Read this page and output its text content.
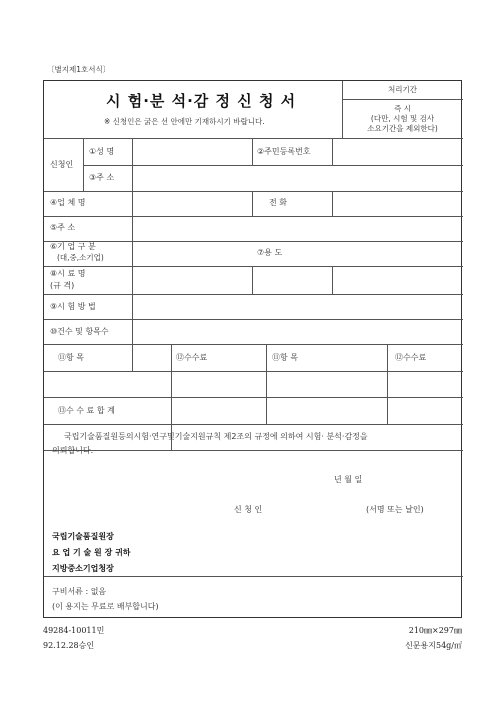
〔별지제1호서식〕
시 험·분 석·감 정 신 청 서
※ 신청인은 굵은 선 안에만 기재하시기 바랍니다.
처리기간
즉 시
(다만, 시험 및 검사
소요기간을 제외한다)
신청인
①성 명	②주민등록번호
③주 소
④업 체 명	전 화
⑤주 소
⑥기 업 구 분
(대,중,소기업)
⑦용 도
⑧시 료 명
(규 격)
⑨시 험 방 법
⑩건수 및 항목수
⑪항 목	⑫수수료	⑪항 목	⑫수수료
⑬수 수 료 합 계
국립기술품질원등의시험·연구및기술지원규칙 제2조의 규정에 의하여 시험· 분석·감정을
의뢰합니다.
년 월 일
신 청 인	(서명 또는 날인)
국립기술품질원장
요 업 기 술 원 장 귀하
지방중소기업청장
구비서류 : 없음
(이 용지는 무료로 배부합니다)
49284-10011민
92.12.28승인
210㎜×297㎜
신문용지54g/㎡
